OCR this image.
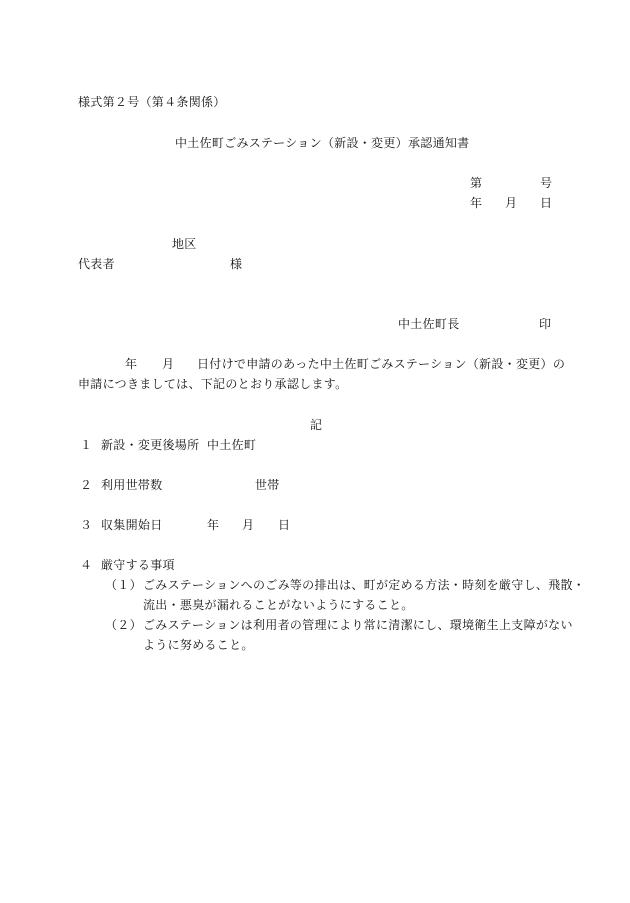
様式第２号（第４条関係）
中土佐町ごみステーション（新設・変更）承認通知書
第	号
年 月 日
地区
代表者	様
中土佐町長	印
年 月 日付けで申請のあった中土佐町ごみステーション（新設・変更）の
申請につきましては、下記のとおり承認します。
記
１ 新設・変更後場所 中土佐町
２ 利用世帯数	世帯
３ 収集開始日	年 月 日
４ 厳守する事項
（１） ごみステーションへのごみ等の排出は、町が定める方法・時刻を厳守し、飛散・
流出・悪臭が漏れることがないようにすること。
（２） ごみステーションは利用者の管理により常に清潔にし、環境衛生上支障がない
ように努めること。
